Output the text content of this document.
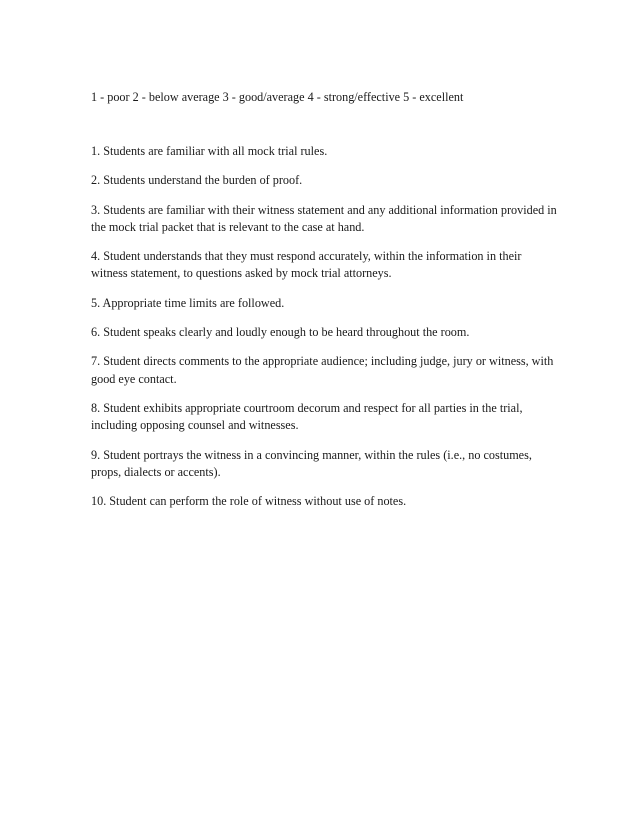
1 - poor 2 - below average 3 - good/average 4 - strong/effective 5 - excellent
1. Students are familiar with all mock trial rules.
2. Students understand the burden of proof.
3. Students are familiar with their witness statement and any additional information provided in the mock trial packet that is relevant to the case at hand.
4. Student understands that they must respond accurately, within the information in their witness statement, to questions asked by mock trial attorneys.
5. Appropriate time limits are followed.
6. Student speaks clearly and loudly enough to be heard throughout the room.
7. Student directs comments to the appropriate audience; including judge, jury or witness, with good eye contact.
8. Student exhibits appropriate courtroom decorum and respect for all parties in the trial, including opposing counsel and witnesses.
9. Student portrays the witness in a convincing manner, within the rules (i.e., no costumes, props, dialects or accents).
10. Student can perform the role of witness without use of notes.
